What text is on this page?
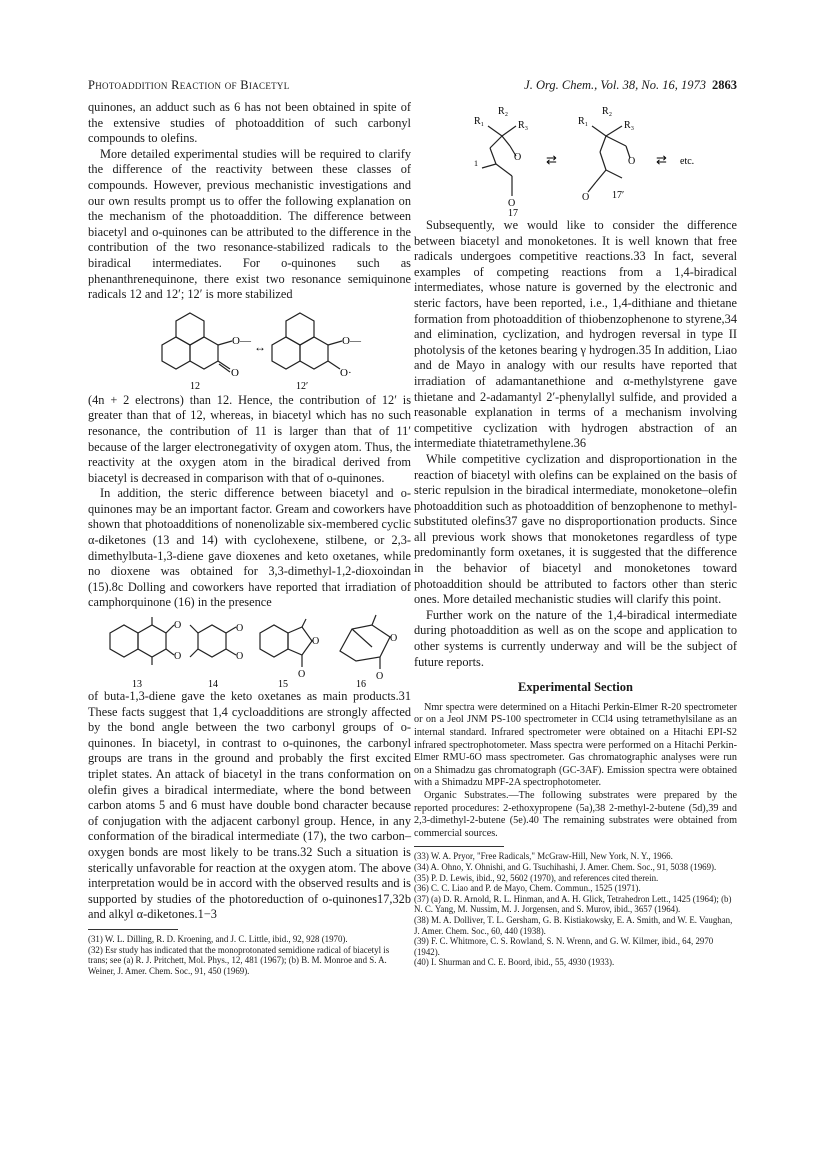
Photoaddition Reaction of Biacetyl	J. Org. Chem., Vol. 38, No. 16, 1973 2863

quinones, an adduct such as 6 has not been obtained in spite of the extensive studies of photoaddition of such carbonyl compounds to olefins.

More detailed experimental studies will be required to clarify the difference of the reactivity between these classes of compounds. However, previous mechanistic investigations and our own results prompt us to offer the following explanation on the mechanism of the photoaddition. The difference between biacetyl and o-quinones can be attributed to the difference in the contribution of the two resonance-stabilized radicals to the biradical intermediates. For o-quinones such as phenanthrenequinone, there exist two resonance semiquinone radicals 12 and 12′; 12′ is more stabilized

O—
O
↔	O—
O·
12	12′

(4n + 2 electrons) than 12. Hence, the contribution of 12′ is greater than that of 12, whereas, in biacetyl which has no such resonance, the contribution of 11 is larger than that of 11′ because of the larger electronegativity of oxygen atom. Thus, the reactivity at the oxygen atom in the biradical derived from biacetyl is decreased in comparison with that of o-quinones.

In addition, the steric difference between biacetyl and o-quinones may be an important factor. Gream and coworkers have shown that photoadditions of nonenolizable six-membered cyclic α-diketones (13 and 14) with cyclohexene, stilbene, or 2,3-dimethylbuta-1,3-diene gave dioxenes and keto oxetanes, while no dioxene was obtained for 3,3-dimethyl-1,2-dioxoindan (15).8c Dolling and coworkers have reported that irradiation of camphorquinone (16) in the presence

O
O
O
O
O
O
O
O
13	14	15	16

of buta-1,3-diene gave the keto oxetanes as main products.31 These facts suggest that 1,4 cycloadditions are strongly affected by the bond angle between the two carbonyl groups of o-quinones. In biacetyl, in contrast to o-quinones, the carbonyl groups are trans in the ground and probably the first excited triplet states. An attack of biacetyl in the trans conformation on olefin gives a biradical intermediate, where the bond between carbon atoms 5 and 6 must have double bond character because of conjugation with the adjacent carbonyl group. Hence, in any conformation of the biradical intermediate (17), the two carbon–oxygen bonds are most likely to be trans.32 Such a situation is sterically unfavorable for reaction at the oxygen atom. The above interpretation would be in accord with the observed results and is supported by studies of the photoreduction of o-quinones17,32b and alkyl α-diketones.1−3

(31) W. L. Dilling, R. D. Kroening, and J. C. Little, ibid., 92, 928 (1970).

(32) Esr study has indicated that the monoprotonated semidione radical of biacetyl is trans; see (a) R. J. Pritchett, Mol. Phys., 12, 481 (1967); (b) B. M. Monroe and S. A. Weiner, J. Amer. Chem. Soc., 91, 450 (1969).

R₁
R₂
R₃
O
O
1
R₁
R₂
R₃
O
O
⇄	⇄ etc.
17
17′

Subsequently, we would like to consider the difference between biacetyl and monoketones. It is well known that free radicals undergoes competitive reactions.33 In fact, several examples of competing reactions from a 1,4-biradical intermediates, whose nature is governed by the electronic and steric factors, have been reported, i.e., 1,4-dithiane and thietane formation from photoaddition of thiobenzophenone to styrene,34 and elimination, cyclization, and hydrogen reversal in type II photolysis of the ketones bearing γ hydrogen.35 In addition, Liao and de Mayo in analogy with our results have reported that irradiation of adamantanethione and α-methylstyrene gave thietane and 2-adamantyl 2′-phenylallyl sulfide, and provided a reasonable explanation in terms of a mechanism involving competitive cyclization with hydrogen abstraction of an intermediate thiatetramethylene.36

While competitive cyclization and disproportionation in the reaction of biacetyl with olefins can be explained on the basis of steric repulsion in the biradical intermediate, monoketone–olefin photoaddition such as photoaddition of benzophenone to methyl-substituted olefins37 gave no disproportionation products. Since all previous work shows that monoketones regardless of type predominantly form oxetanes, it is suggested that the difference in the behavior of biacetyl and monoketones toward photoaddition should be attributed to factors other than steric ones. More detailed mechanistic studies will clarify this point.

Further work on the nature of the 1,4-biradical intermediate during photoaddition as well as on the scope and application to other systems is currently underway and will be the subject of future reports.

Experimental Section

Nmr spectra were determined on a Hitachi Perkin-Elmer R-20 spectrometer or on a Jeol JNM PS-100 spectrometer in CCl4 using tetramethylsilane as an internal standard. Infrared spectrometer were obtained on a Hitachi EPI-S2 infrared spectrophotometer. Mass spectra were performed on a Hitachi Perkin-Elmer RMU-6O mass spectrometer. Gas chromatographic analyses were run on a Shimadzu gas chromatograph (GC-3AF). Emission spectra were obtained with a Shimadzu MPF-2A spectrophotometer.

Organic Substrates.—The following substrates were prepared by the reported procedures: 2-ethoxypropene (5a),38 2-methyl-2-butene (5d),39 and 2,3-dimethyl-2-butene (5e).40 The remaining substrates were obtained from commercial sources.

(33) W. A. Pryor, "Free Radicals," McGraw-Hill, New York, N. Y., 1966.

(34) A. Ohno, Y. Ohnishi, and G. Tsuchihashi, J. Amer. Chem. Soc., 91, 5038 (1969).

(35) P. D. Lewis, ibid., 92, 5602 (1970), and references cited therein.

(36) C. C. Liao and P. de Mayo, Chem. Commun., 1525 (1971).

(37) (a) D. R. Arnold, R. L. Hinman, and A. H. Glick, Tetrahedron Lett., 1425 (1964); (b) N. C. Yang, M. Nussim, M. J. Jorgensen, and S. Murov, ibid., 3657 (1964).

(38) M. A. Dolliver, T. L. Gersham, G. B. Kistiakowsky, E. A. Smith, and W. E. Vaughan, J. Amer. Chem. Soc., 60, 440 (1938).

(39) F. C. Whitmore, C. S. Rowland, S. N. Wrenn, and G. W. Kilmer, ibid., 64, 2970 (1942).

(40) I. Shurman and C. E. Boord, ibid., 55, 4930 (1933).
